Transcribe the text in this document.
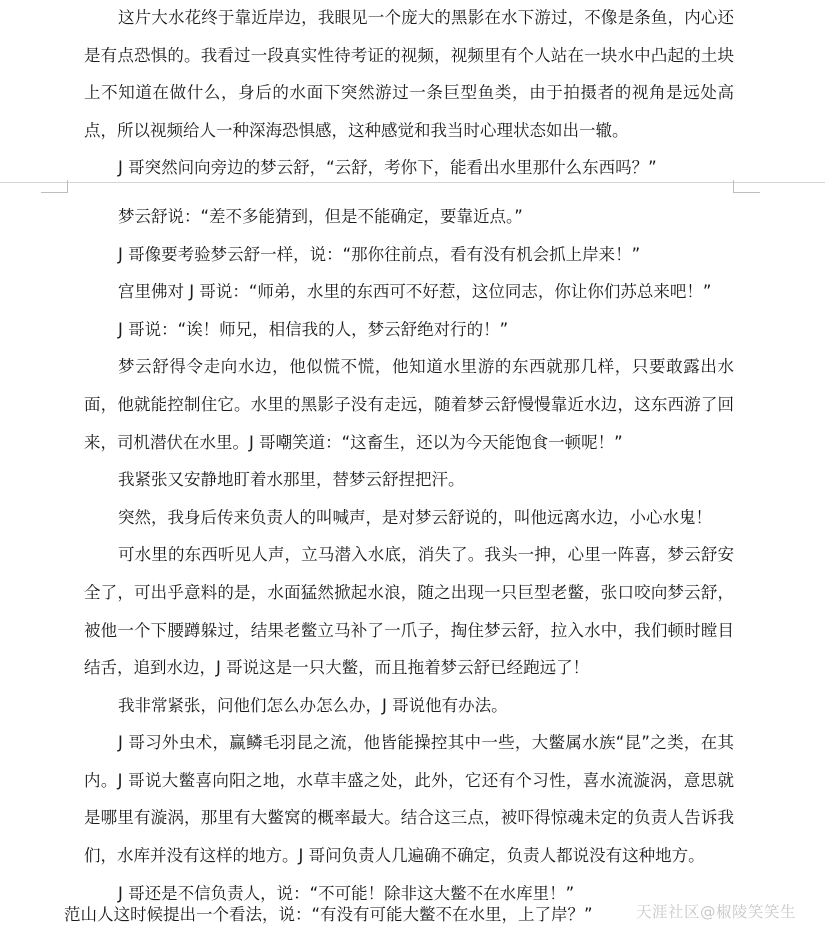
这片大水花终于靠近岸边，我眼见一个庞大的黑影在水下游过，不像是条鱼，内心还是有点恐惧的。我看过一段真实性待考证的视频，视频里有个人站在一块水中凸起的土块上不知道在做什么，身后的水面下突然游过一条巨型鱼类，由于拍摄者的视角是远处高点，所以视频给人一种深海恐惧感，这种感觉和我当时心理状态如出一辙。

J 哥突然问向旁边的梦云舒，“云舒，考你下，能看出水里那什么东西吗？”

梦云舒说：“差不多能猜到，但是不能确定，要靠近点。”

J 哥像要考验梦云舒一样，说：“那你往前点，看有没有机会抓上岸来！”

宫里佛对 J 哥说：“师弟，水里的东西可不好惹，这位同志，你让你们苏总来吧！”

J 哥说：“诶！师兄，相信我的人，梦云舒绝对行的！”

梦云舒得令走向水边，他似慌不慌，他知道水里游的东西就那几样，只要敢露出水面，他就能控制住它。水里的黑影子没有走远，随着梦云舒慢慢靠近水边，这东西游了回来，司机潜伏在水里。J 哥嘲笑道：“这畜生，还以为今天能饱食一顿呢！”

我紧张又安静地盯着水那里，替梦云舒捏把汗。

突然，我身后传来负责人的叫喊声，是对梦云舒说的，叫他远离水边，小心水鬼！

可水里的东西听见人声，立马潜入水底，消失了。我头一抻，心里一阵喜，梦云舒安全了，可出乎意料的是，水面猛然掀起水浪，随之出现一只巨型老鳖，张口咬向梦云舒，被他一个下腰蹲躲过，结果老鳖立马补了一爪子，掏住梦云舒，拉入水中，我们顿时瞠目结舌，追到水边，J 哥说这是一只大鳖，而且拖着梦云舒已经跑远了！

我非常紧张，问他们怎么办怎么办，J 哥说他有办法。

J 哥习外虫术，赢鳞毛羽昆之流，他皆能操控其中一些，大鳖属水族“昆”之类，在其内。J 哥说大鳖喜向阳之地，水草丰盛之处，此外，它还有个习性，喜水流漩涡，意思就是哪里有漩涡，那里有大鳖窝的概率最大。结合这三点，被吓得惊魂未定的负责人告诉我们，水库并没有这样的地方。J 哥问负责人几遍确不确定，负责人都说没有这种地方。

J 哥还是不信负责人，说：“不可能！除非这大鳖不在水库里！”

范山人这时候提出一个看法，说：“有没有可能大鳖不在水里，上了岸？”	天涯社区@椒陵笑笑生
